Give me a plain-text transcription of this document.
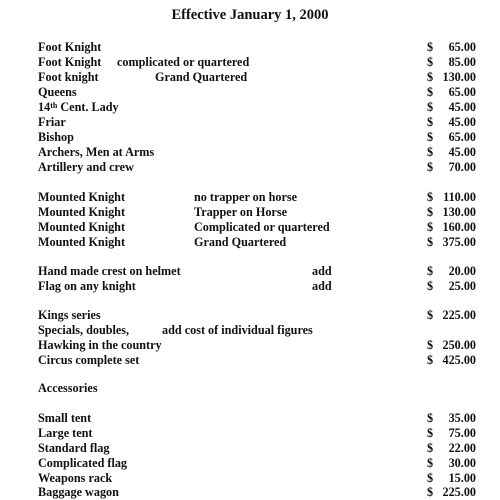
Effective January 1, 2000
Foot Knight	$ 65.00
Foot Knight complicated or quartered	$ 85.00
Foot knight	Grand Quartered	$ 130.00
Queens	$ 65.00
14th Cent. Lady	$ 45.00
Friar	$ 45.00
Bishop	$ 65.00
Archers, Men at Arms	$ 45.00
Artillery and crew	$ 70.00
Mounted Knight	no trapper on horse	$ 110.00
Mounted Knight	Trapper on Horse	$ 130.00
Mounted Knight	Complicated or quartered	$ 160.00
Mounted Knight	Grand Quartered	$ 375.00
Hand made crest on helmet	add	$ 20.00
Flag on any knight	add	$ 25.00
Kings series	$ 225.00
Specials, doubles,	add cost of individual figures
Hawking in the country	$ 250.00
Circus complete set	$ 425.00
Accessories
Small tent	$ 35.00
Large tent	$ 75.00
Standard flag	$ 22.00
Complicated flag	$ 30.00
Weapons rack	$ 15.00
Baggage wagon	$ 225.00
